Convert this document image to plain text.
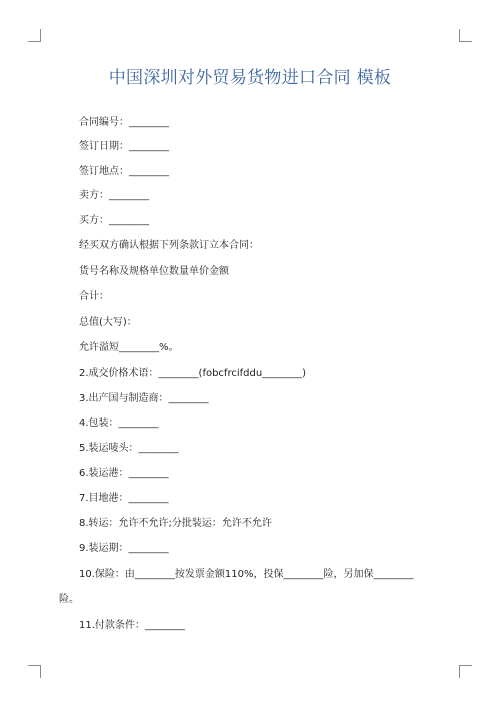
中国深圳对外贸易货物进口合同 模板
合同编号：________
签订日期：________
签订地点：________
卖方：________
买方：________
经买双方确认根据下列条款订立本合同：
货号名称及规格单位数量单价金额
合计：
总值(大写)：
允许溢短________%。
2.成交价格术语：________(fobcfrcifddu________)
3.出产国与制造商：________
4.包装：________
5.装运唛头：________
6.装运港：________
7.目地港：________
8.转运：允许不允许;分批装运：允许不允许
9.装运期：________
10.保险：由________按发票金额110%，投保________险，另加保________
险。
11.付款条件：________
